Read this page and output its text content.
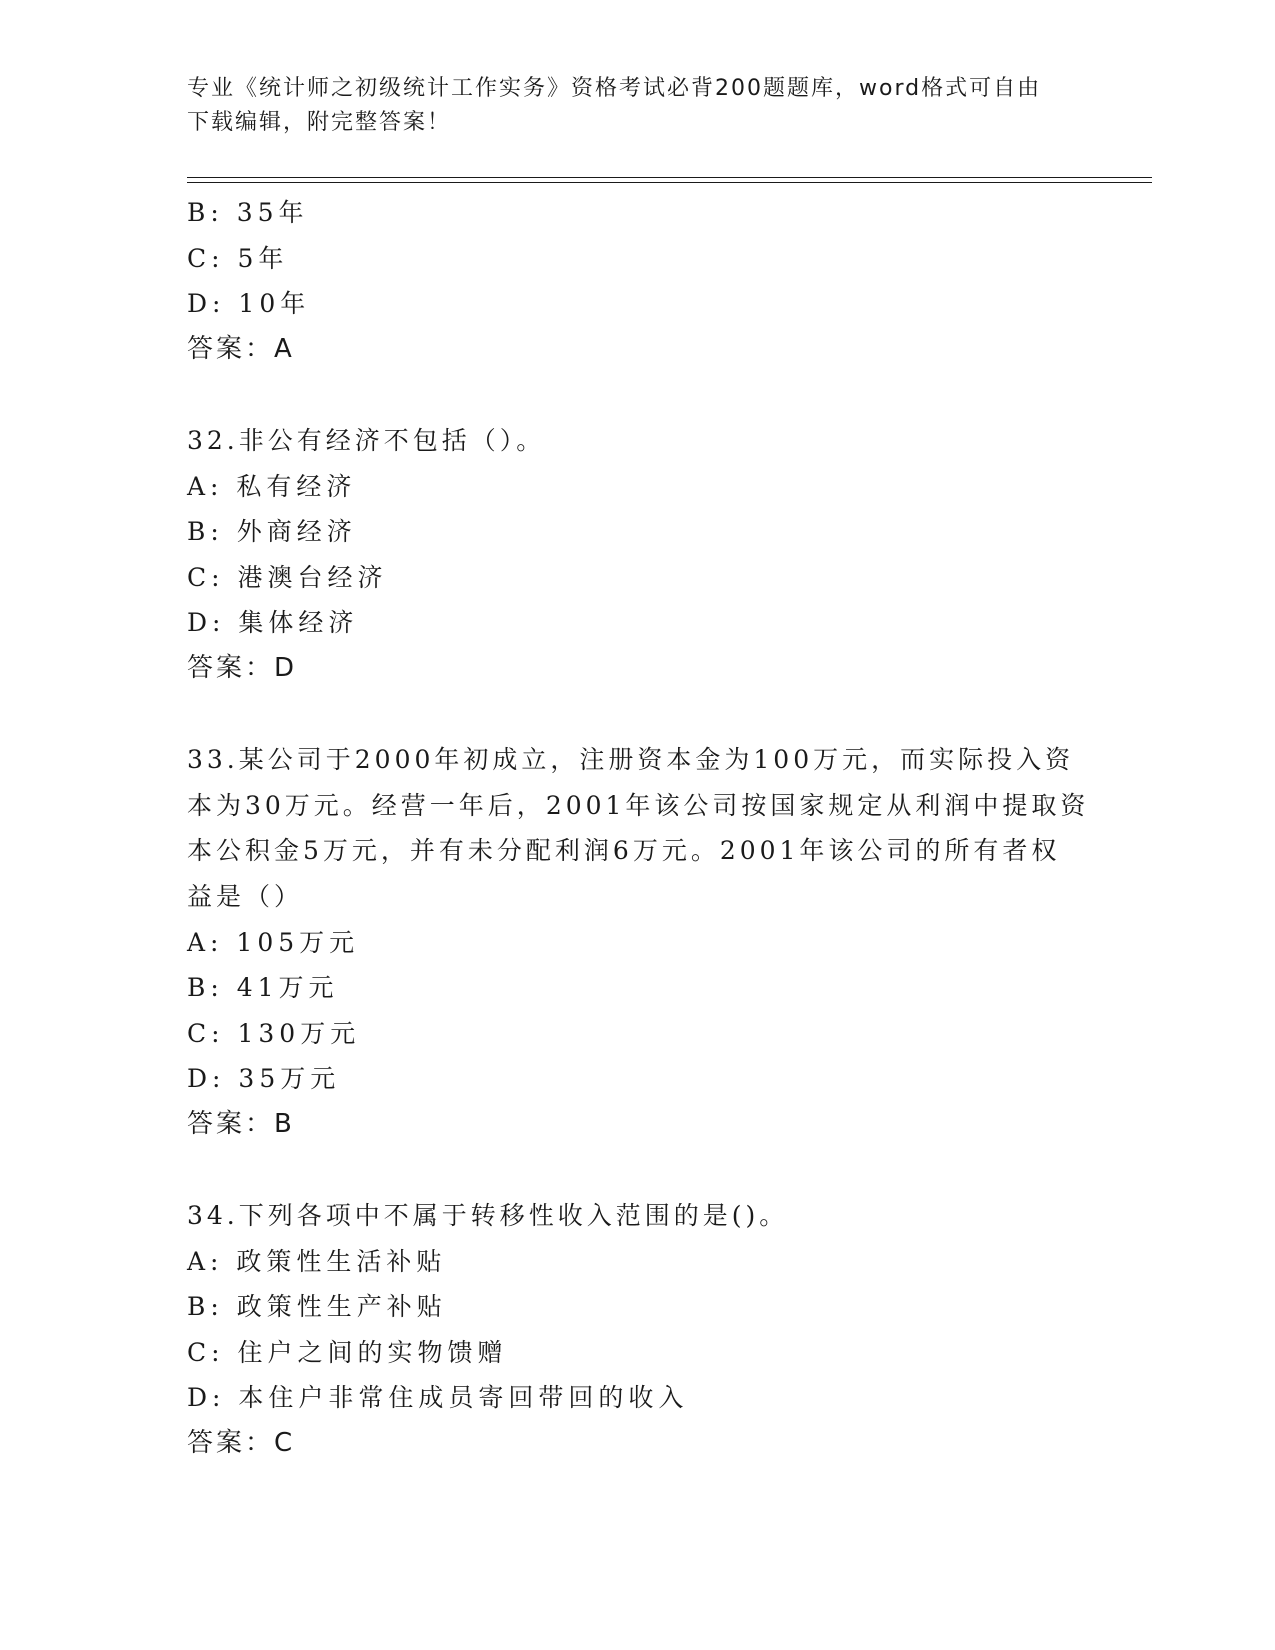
专业《统计师之初级统计工作实务》资格考试必背200题题库，word格式可自由
下载编辑，附完整答案！
B: 35年
C: 5年
D: 10年
答案：A
32.非公有经济不包括（）。
A: 私有经济
B: 外商经济
C: 港澳台经济
D: 集体经济
答案：D
33.某公司于2000年初成立，注册资本金为100万元，而实际投入资
本为30万元。经营一年后，2001年该公司按国家规定从利润中提取资
本公积金5万元，并有未分配利润6万元。2001年该公司的所有者权
益是（）
A: 105万元
B: 41万元
C: 130万元
D: 35万元
答案：B
34.下列各项中不属于转移性收入范围的是()。
A: 政策性生活补贴
B: 政策性生产补贴
C: 住户之间的实物馈赠
D: 本住户非常住成员寄回带回的收入
答案：C
